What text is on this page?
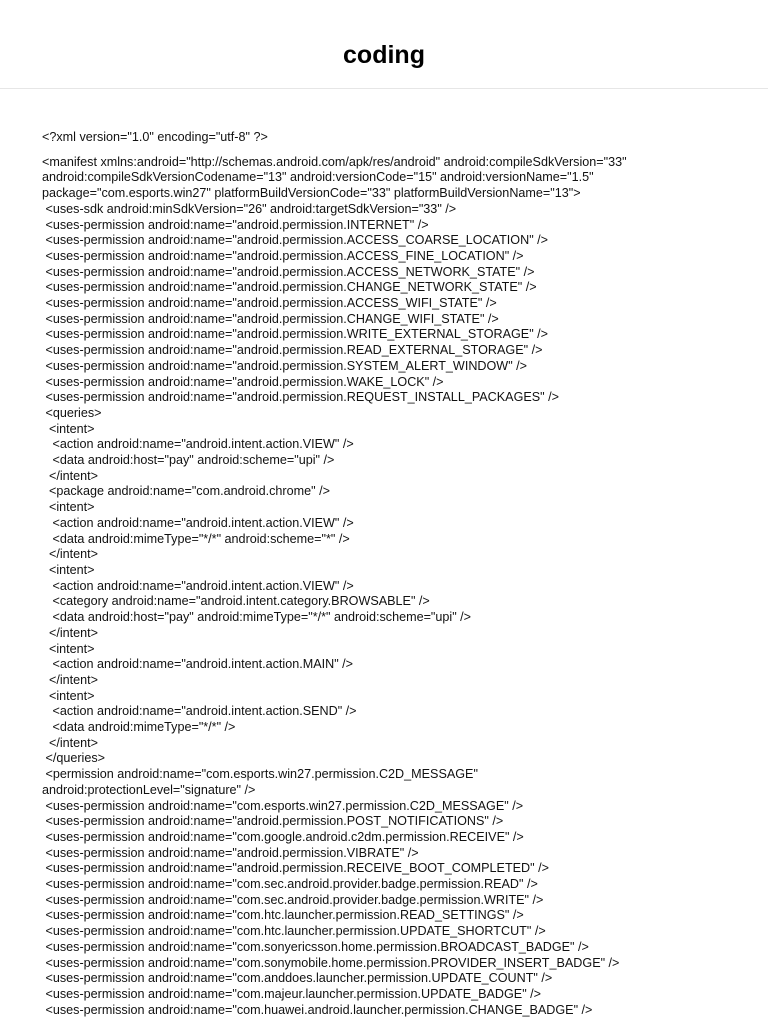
coding
<?xml version="1.0" encoding="utf-8" ?>
<manifest xmlns:android="http://schemas.android.com/apk/res/android" android:compileSdkVersion="33"
android:compileSdkVersionCodename="13" android:versionCode="15" android:versionName="1.5"
package="com.esports.win27" platformBuildVersionCode="33" platformBuildVersionName="13">
<uses-sdk android:minSdkVersion="26" android:targetSdkVersion="33" />
<uses-permission android:name="android.permission.INTERNET" />
<uses-permission android:name="android.permission.ACCESS_COARSE_LOCATION" />
<uses-permission android:name="android.permission.ACCESS_FINE_LOCATION" />
<uses-permission android:name="android.permission.ACCESS_NETWORK_STATE" />
<uses-permission android:name="android.permission.CHANGE_NETWORK_STATE" />
<uses-permission android:name="android.permission.ACCESS_WIFI_STATE" />
<uses-permission android:name="android.permission.CHANGE_WIFI_STATE" />
<uses-permission android:name="android.permission.WRITE_EXTERNAL_STORAGE" />
<uses-permission android:name="android.permission.READ_EXTERNAL_STORAGE" />
<uses-permission android:name="android.permission.SYSTEM_ALERT_WINDOW" />
<uses-permission android:name="android.permission.WAKE_LOCK" />
<uses-permission android:name="android.permission.REQUEST_INSTALL_PACKAGES" />
<queries>
<intent>
<action android:name="android.intent.action.VIEW" />
<data android:host="pay" android:scheme="upi" />
</intent>
<package android:name="com.android.chrome" />
<intent>
<action android:name="android.intent.action.VIEW" />
<data android:mimeType="*/*" android:scheme="*" />
</intent>
<intent>
<action android:name="android.intent.action.VIEW" />
<category android:name="android.intent.category.BROWSABLE" />
<data android:host="pay" android:mimeType="*/*" android:scheme="upi" />
</intent>
<intent>
<action android:name="android.intent.action.MAIN" />
</intent>
<intent>
<action android:name="android.intent.action.SEND" />
<data android:mimeType="*/*" />
</intent>
</queries>
<permission android:name="com.esports.win27.permission.C2D_MESSAGE"
android:protectionLevel="signature" />
<uses-permission android:name="com.esports.win27.permission.C2D_MESSAGE" />
<uses-permission android:name="android.permission.POST_NOTIFICATIONS" />
<uses-permission android:name="com.google.android.c2dm.permission.RECEIVE" />
<uses-permission android:name="android.permission.VIBRATE" />
<uses-permission android:name="android.permission.RECEIVE_BOOT_COMPLETED" />
<uses-permission android:name="com.sec.android.provider.badge.permission.READ" />
<uses-permission android:name="com.sec.android.provider.badge.permission.WRITE" />
<uses-permission android:name="com.htc.launcher.permission.READ_SETTINGS" />
<uses-permission android:name="com.htc.launcher.permission.UPDATE_SHORTCUT" />
<uses-permission android:name="com.sonyericsson.home.permission.BROADCAST_BADGE" />
<uses-permission android:name="com.sonymobile.home.permission.PROVIDER_INSERT_BADGE" />
<uses-permission android:name="com.anddoes.launcher.permission.UPDATE_COUNT" />
<uses-permission android:name="com.majeur.launcher.permission.UPDATE_BADGE" />
<uses-permission android:name="com.huawei.android.launcher.permission.CHANGE_BADGE" />
